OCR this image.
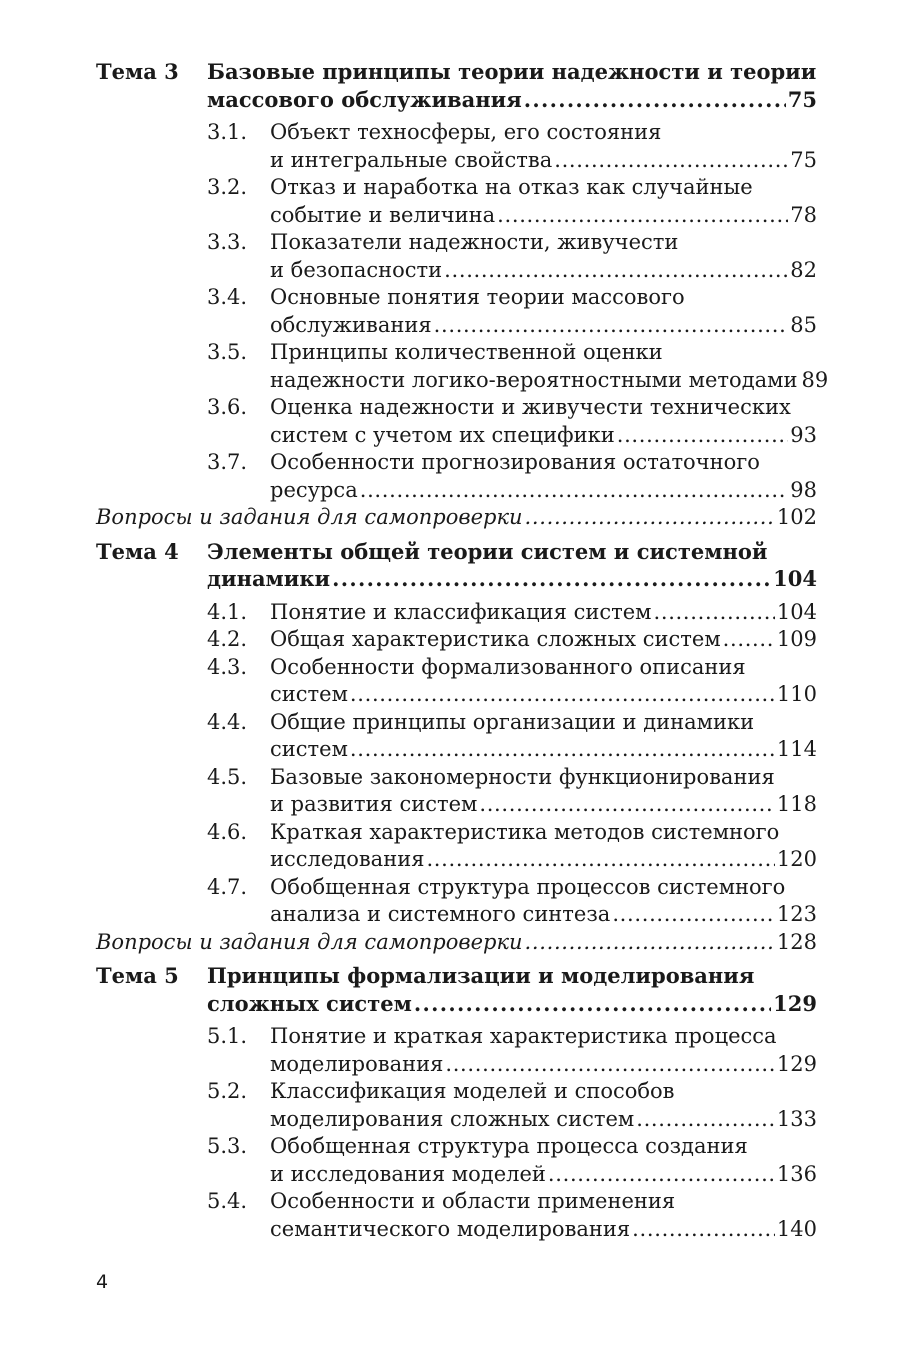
Тема 3	Базовые принципы теории надежности и теории
массового обслуживания . . .	75
3.1.	Объект техносферы, его состояния
и интегральные свойства . . .	75
3.2.	Отказ и наработка на отказ как случайные
событие и величина . . .	78
3.3.	Показатели надежности, живучести
и безопасности . . .	82
3.4.	Основные понятия теории массового
обслуживания . . .	85
3.5.	Принципы количественной оценки
надежности логико-вероятностными методами 89
3.6.	Оценка надежности и живучести технических
систем с учетом их специфики . . .	93
3.7.	Особенности прогнозирования остаточного
ресурса . . .	98
Вопросы и задания для самопроверки . . .	102
Тема 4	Элементы общей теории систем и системной
динамики . . .	104
4.1.	Понятие и классификация систем . . .	104
4.2.	Общая характеристика сложных систем . . .	109
4.3.	Особенности формализованного описания
систем . . .	110
4.4.	Общие принципы организации и динамики
систем . . .	114
4.5.	Базовые закономерности функционирования
и развития систем . . .	118
4.6.	Краткая характеристика методов системного
исследования . . .	120
4.7.	Обобщенная структура процессов системного
анализа и системного синтеза . . .	123
Вопросы и задания для самопроверки . . .	128
Тема 5	Принципы формализации и моделирования
сложных систем . . .	129
5.1.	Понятие и краткая характеристика процесса
моделирования . . .	129
5.2.	Классификация моделей и способов
моделирования сложных систем . . .	133
5.3.	Обобщенная структура процесса создания
и исследования моделей . . .	136
5.4.	Особенности и области применения
семантического моделирования . . .	140
4
